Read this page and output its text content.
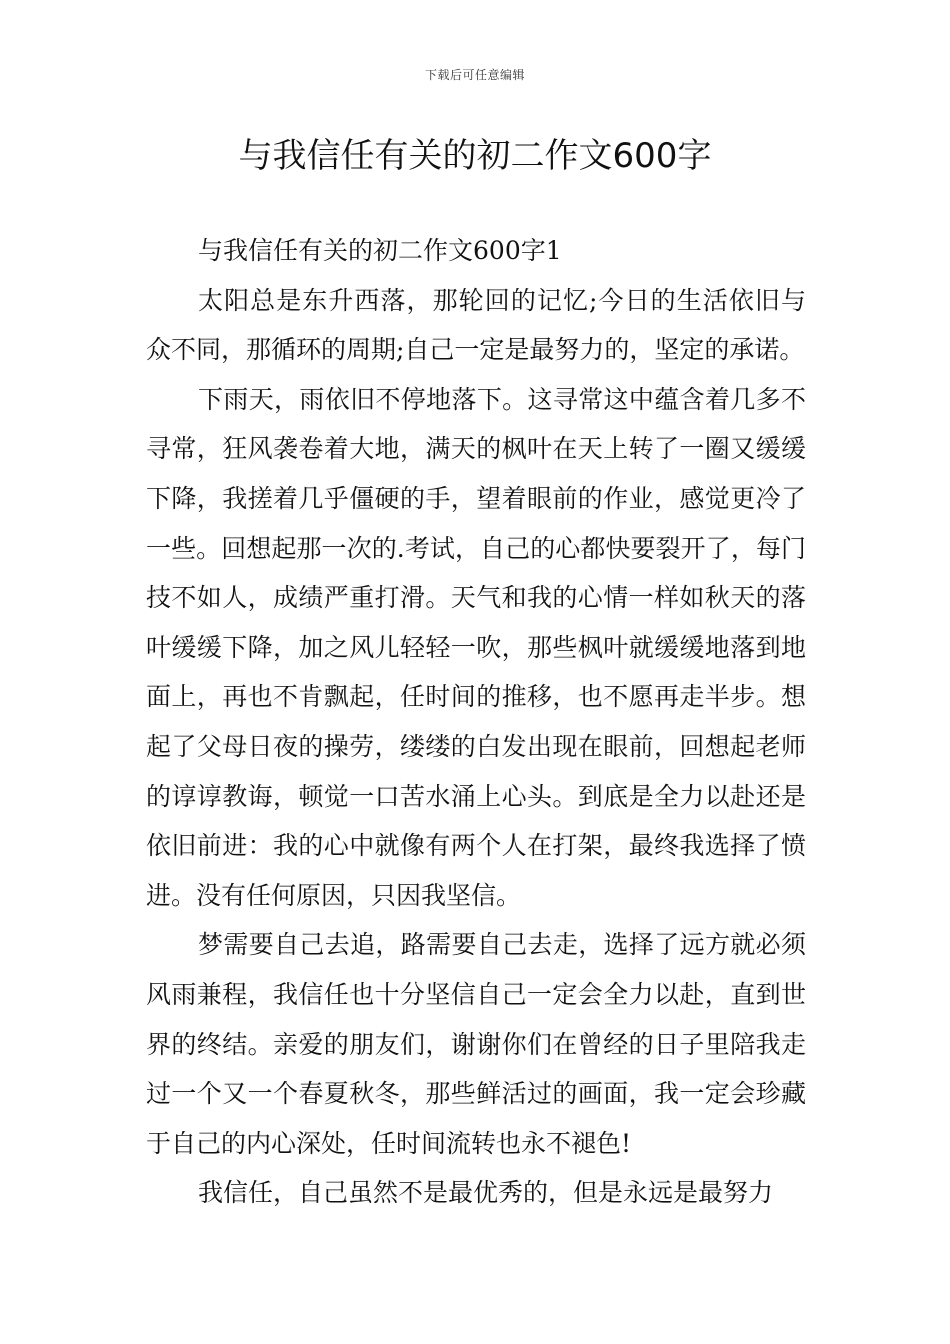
下载后可任意编辑
与我信任有关的初二作文600字

与我信任有关的初二作文600字1

太阳总是东升西落，那轮回的记忆;今日的生活依旧与众不同，那循环的周期;自己一定是最努力的，坚定的承诺。

下雨天，雨依旧不停地落下。这寻常这中蕴含着几多不寻常，狂风袭卷着大地，满天的枫叶在天上转了一圈又缓缓下降，我搓着几乎僵硬的手，望着眼前的作业，感觉更冷了一些。回想起那一次的.考试，自己的心都快要裂开了，每门技不如人，成绩严重打滑。天气和我的心情一样如秋天的落叶缓缓下降，加之风儿轻轻一吹，那些枫叶就缓缓地落到地面上，再也不肯飘起，任时间的推移，也不愿再走半步。想起了父母日夜的操劳，缕缕的白发出现在眼前，回想起老师的谆谆教诲，顿觉一口苦水涌上心头。到底是全力以赴还是依旧前进：我的心中就像有两个人在打架，最终我选择了愤进。没有任何原因，只因我坚信。

梦需要自己去追，路需要自己去走，选择了远方就必须风雨兼程，我信任也十分坚信自己一定会全力以赴，直到世界的终结。亲爱的朋友们，谢谢你们在曾经的日子里陪我走过一个又一个春夏秋冬，那些鲜活过的画面，我一定会珍藏于自己的内心深处，任时间流转也永不褪色!

我信任，自己虽然不是最优秀的，但是永远是最努力
